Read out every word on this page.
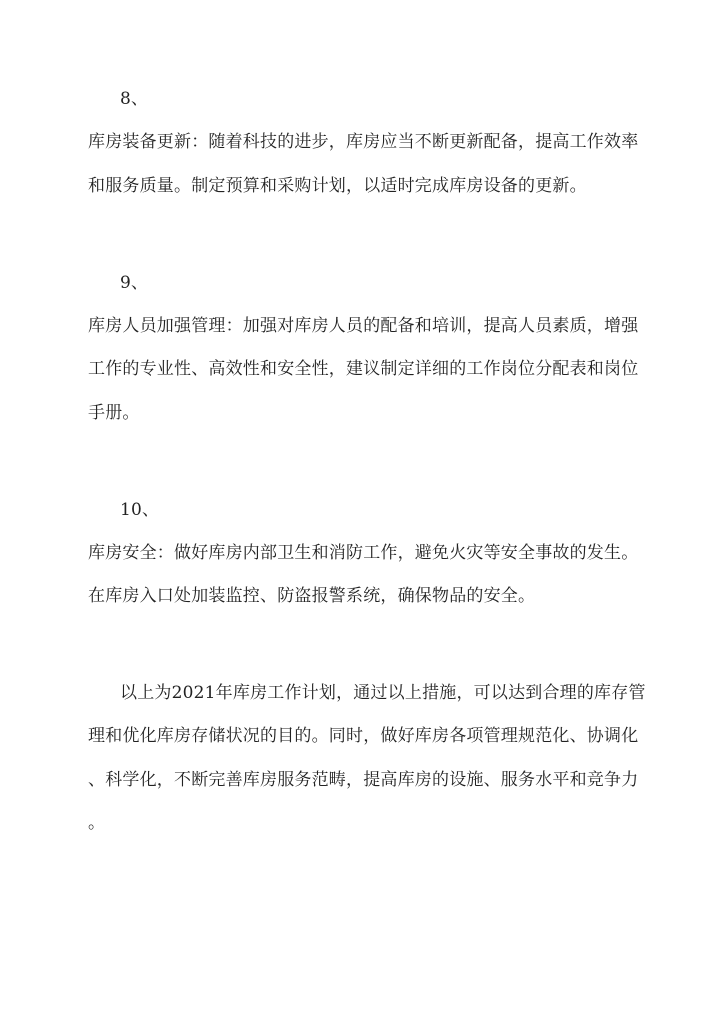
8、
库房装备更新：随着科技的进步，库房应当不断更新配备，提高工作效率
和服务质量。制定预算和采购计划，以适时完成库房设备的更新。
9、
库房人员加强管理：加强对库房人员的配备和培训，提高人员素质，增强
工作的专业性、高效性和安全性，建议制定详细的工作岗位分配表和岗位
手册。
10、
库房安全：做好库房内部卫生和消防工作，避免火灾等安全事故的发生。
在库房入口处加装监控、防盗报警系统，确保物品的安全。
以上为2021年库房工作计划，通过以上措施，可以达到合理的库存管
理和优化库房存储状况的目的。同时，做好库房各项管理规范化、协调化
、科学化，不断完善库房服务范畴，提高库房的设施、服务水平和竞争力
。
